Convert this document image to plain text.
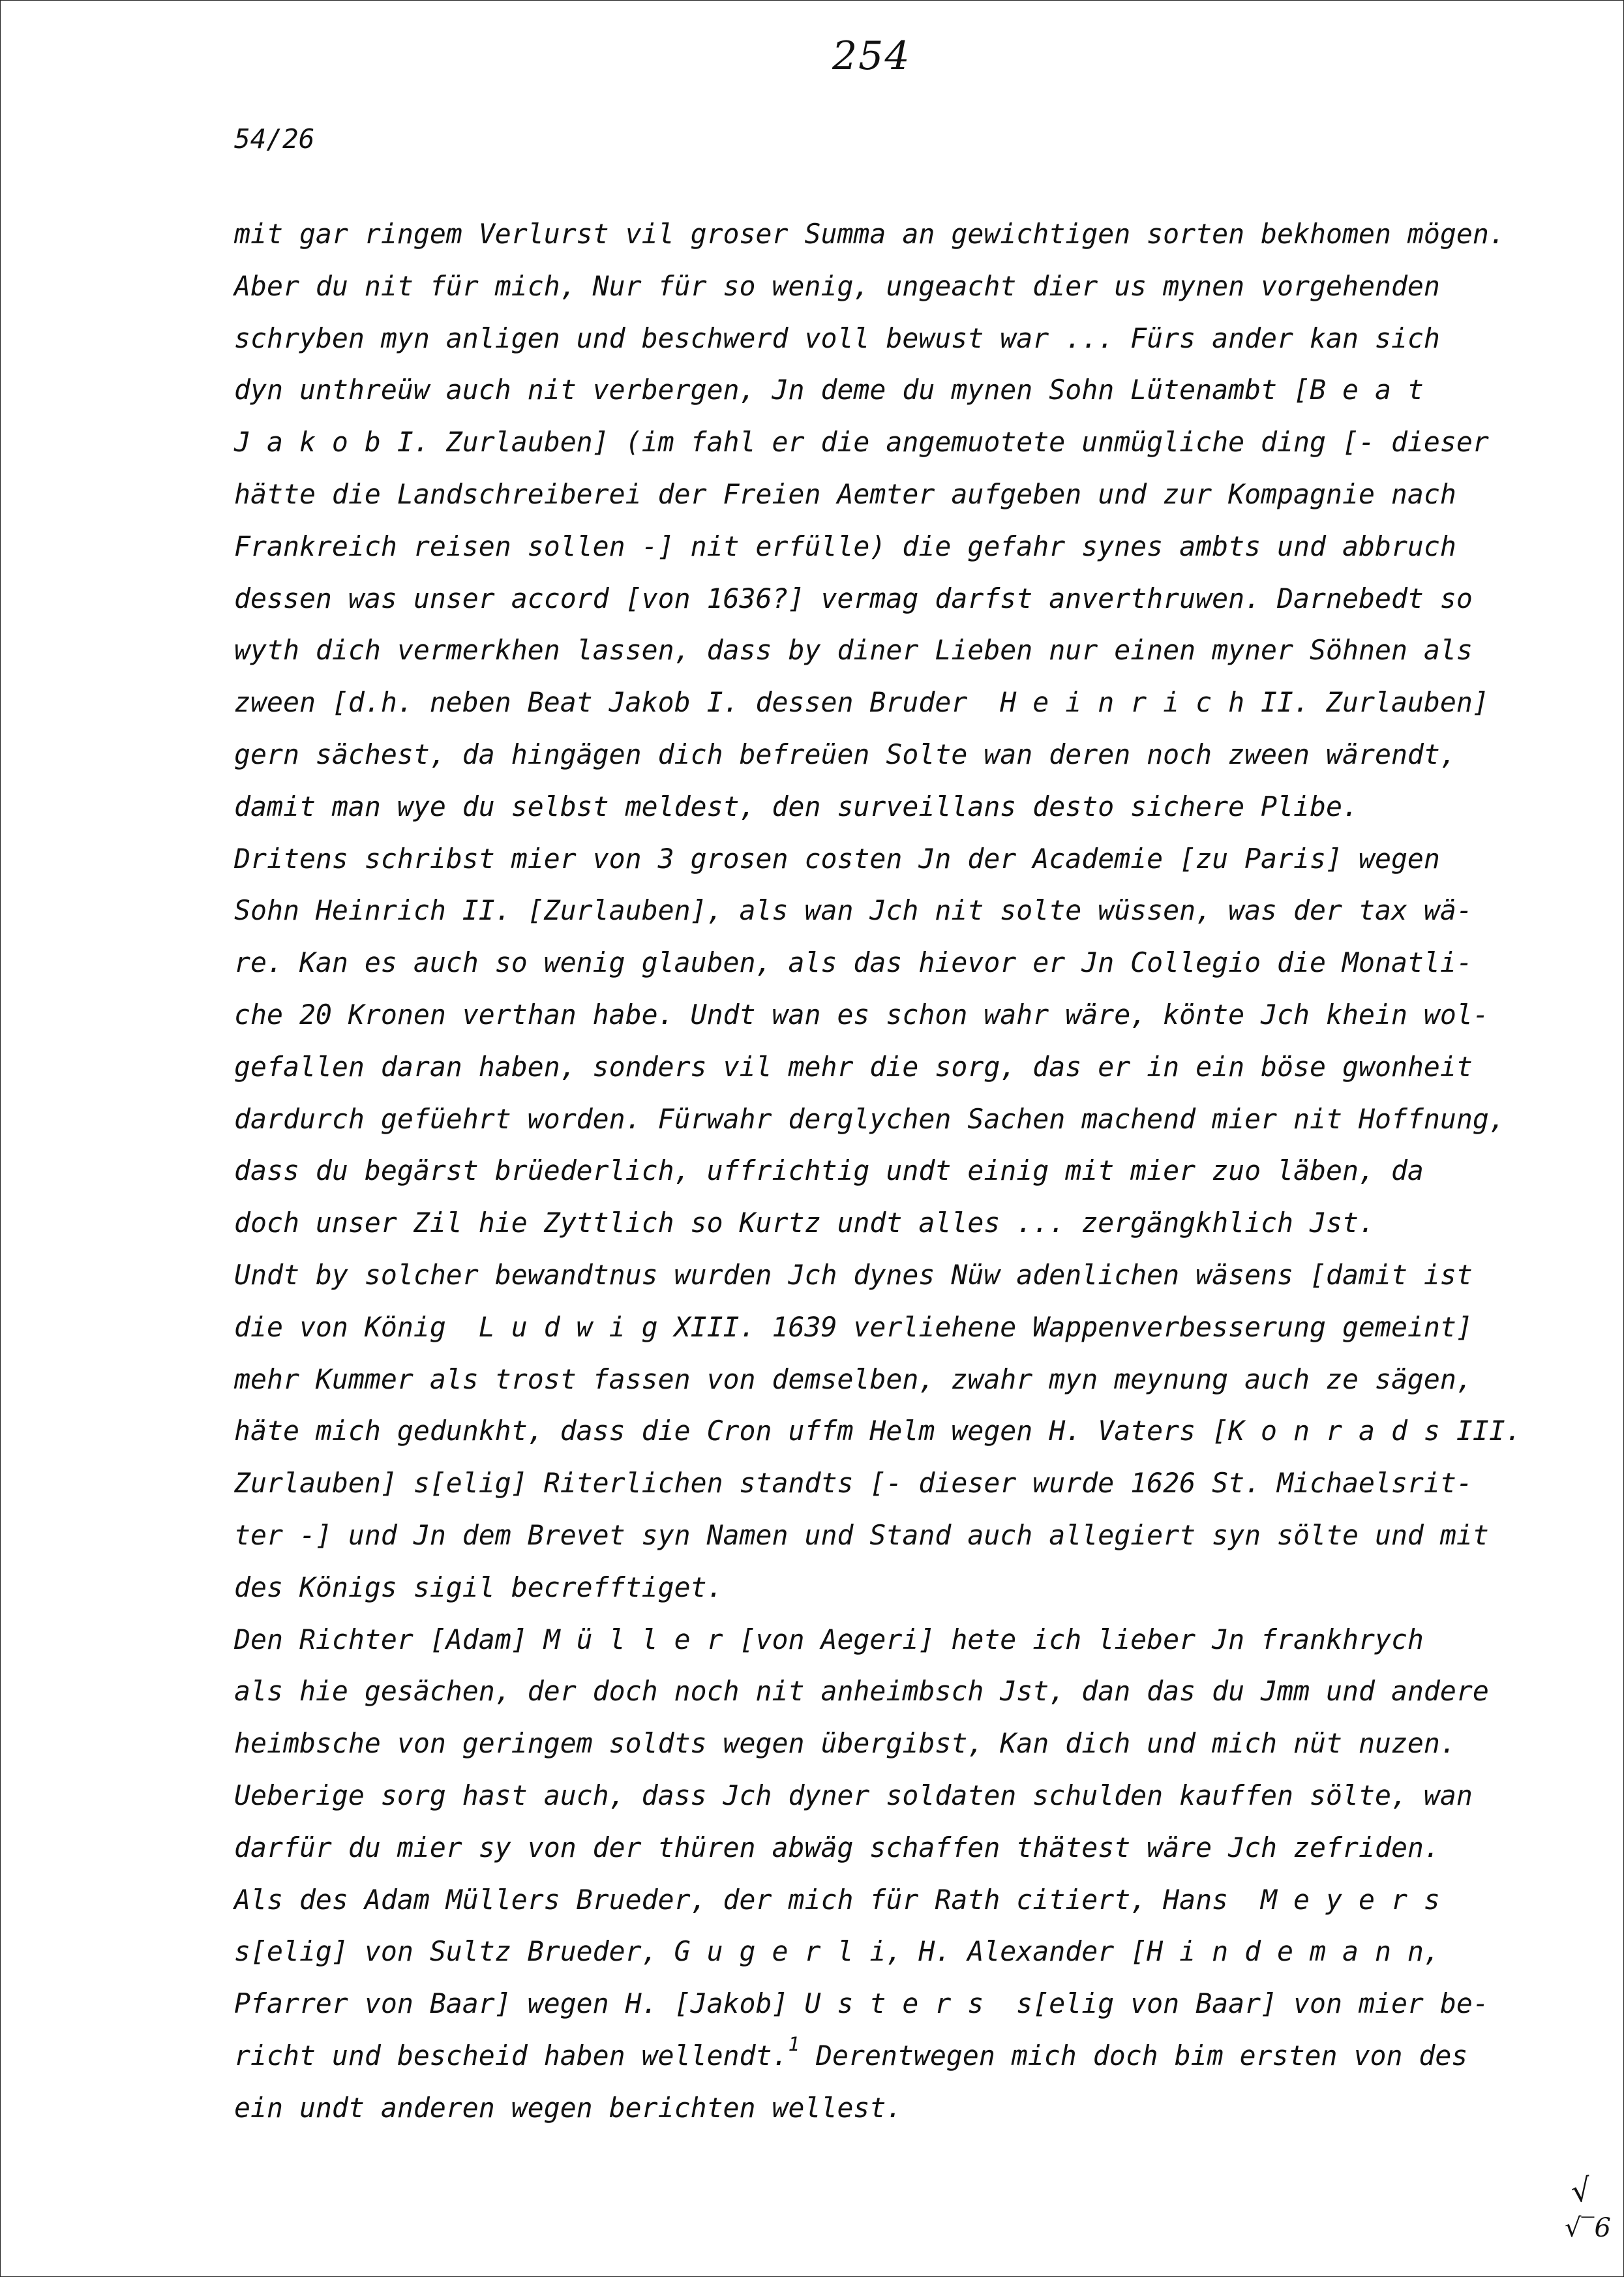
254
54/26
mit gar ringem Verlurst vil groser Summa an gewichtigen sorten bekhomen mögen.
Aber du nit für mich, Nur für so wenig, ungeacht dier us mynen vorgehenden
schryben myn anligen und beschwerd voll bewust war ... Fürs ander kan sich
dyn unthreüw auch nit verbergen, Jn deme du mynen Sohn Lütenambt [B e a t
J a k o b I. Zurlauben] (im fahl er die angemuotete unmügliche ding [- dieser
hätte die Landschreiberei der Freien Aemter aufgeben und zur Kompagnie nach
Frankreich reisen sollen -] nit erfülle) die gefahr synes ambts und abbruch
dessen was unser accord [von 1636?] vermag darfst anverthruwen. Darnebedt so
wyth dich vermerkhen lassen, dass by diner Lieben nur einen myner Söhnen als
zween [d.h. neben Beat Jakob I. dessen Bruder  H e i n r i c h II. Zurlauben]
gern sächest, da hingägen dich befreüen Solte wan deren noch zween wärendt,
damit man wye du selbst meldest, den surveillans desto sichere Plibe.
Dritens schribst mier von 3 grosen costen Jn der Academie [zu Paris] wegen
Sohn Heinrich II. [Zurlauben], als wan Jch nit solte wüssen, was der tax wä-
re. Kan es auch so wenig glauben, als das hievor er Jn Collegio die Monatli-
che 20 Kronen verthan habe. Undt wan es schon wahr wäre, könte Jch khein wol-
gefallen daran haben, sonders vil mehr die sorg, das er in ein böse gwonheit
dardurch gefüehrt worden. Fürwahr derglychen Sachen machend mier nit Hoffnung,
dass du begärst brüederlich, uffrichtig undt einig mit mier zuo läben, da
doch unser Zil hie Zyttlich so Kurtz undt alles ... zergängkhlich Jst.
Undt by solcher bewandtnus wurden Jch dynes Nüw adenlichen wäsens [damit ist
die von König  L u d w i g XIII. 1639 verliehene Wappenverbesserung gemeint]
mehr Kummer als trost fassen von demselben, zwahr myn meynung auch ze sägen,
häte mich gedunkht, dass die Cron uffm Helm wegen H. Vaters [K o n r a d s III.
Zurlauben] s[elig] Riterlichen standts [- dieser wurde 1626 St. Michaelsrit-
ter -] und Jn dem Brevet syn Namen und Stand auch allegiert syn sölte und mit
des Königs sigil becrefftiget.
Den Richter [Adam] M ü l l e r [von Aegeri] hete ich lieber Jn frankhrych
als hie gesächen, der doch noch nit anheimbsch Jst, dan das du Jmm und andere
heimbsche von geringem soldts wegen übergibst, Kan dich und mich nüt nuzen.
Ueberige sorg hast auch, dass Jch dyner soldaten schulden kauffen sölte, wan
darfür du mier sy von der thüren abwäg schaffen thätest wäre Jch zefriden.
Als des Adam Müllers Brueder, der mich für Rath citiert, Hans  M e y e r s
s[elig] von Sultz Brueder, G u g e r l i, H. Alexander [H i n d e m a n n,
Pfarrer von Baar] wegen H. [Jakob] U s t e r s  s[elig von Baar] von mier be-
richt und bescheid haben wellendt.$^1$ Derentwegen mich doch bim ersten von des
ein undt anderen wegen berichten wellest.
√
√‾6
